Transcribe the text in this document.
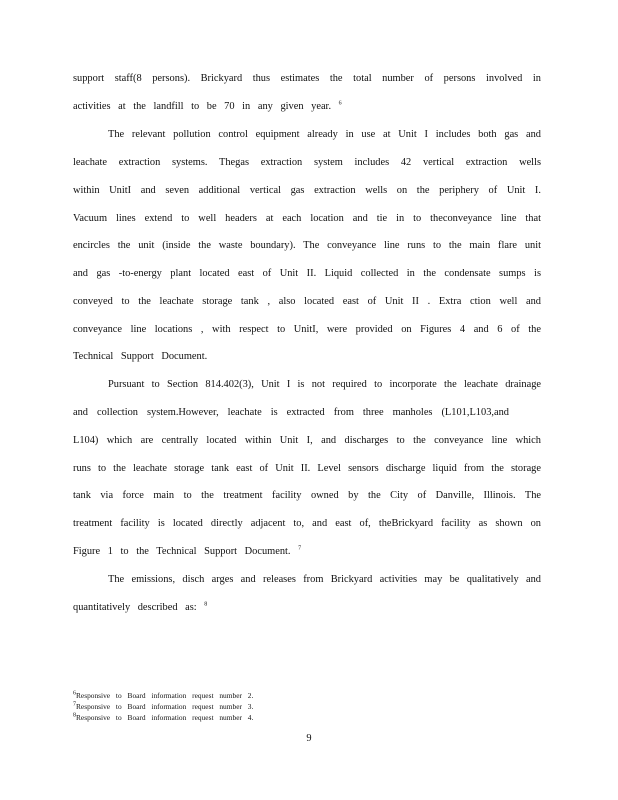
support staff(8 persons). Brickyard thus estimates the total number of persons involved in
activities at the landfill to be 70 in any given year. $^6$
The relevant pollution control equipment already in use at Unit I includes both gas and
leachate extraction systems. Thegas extraction system includes 42 vertical extraction wells
within UnitI and seven additional vertical gas extraction wells on the periphery of Unit I.
Vacuum lines extend to well headers at each location and tie in to theconveyance line that
encircles the unit (inside the waste boundary). The conveyance line runs to the main flare unit
and gas -to-energy plant located east of Unit II. Liquid collected in the condensate sumps is
conveyed to the leachate storage tank , also located east of Unit II . Extra ction well and
conveyance line locations , with respect to UnitI, were provided on Figures 4 and 6 of the
Technical Support Document.
Pursuant to Section 814.402(3), Unit I is not required to incorporate the leachate drainage
and collection system.However, leachate is extracted from three manholes (L101,L103,and
L104) which are centrally located within Unit I, and discharges to the conveyance line which
runs to the leachate storage tank east of Unit II. Level sensors discharge liquid from the storage
tank via force main to the treatment facility owned by the City of Danville, Illinois. The
treatment facility is located directly adjacent to, and east of, theBrickyard facility as shown on
Figure 1 to the Technical Support Document. $^7$
The emissions, disch arges and releases from Brickyard activities may be qualitatively and
quantitatively described as: $^8$
$^6$Responsive to Board information request number 2.
$^7$Responsive to Board information request number 3.
$^8$Responsive to Board information request number 4.
9
